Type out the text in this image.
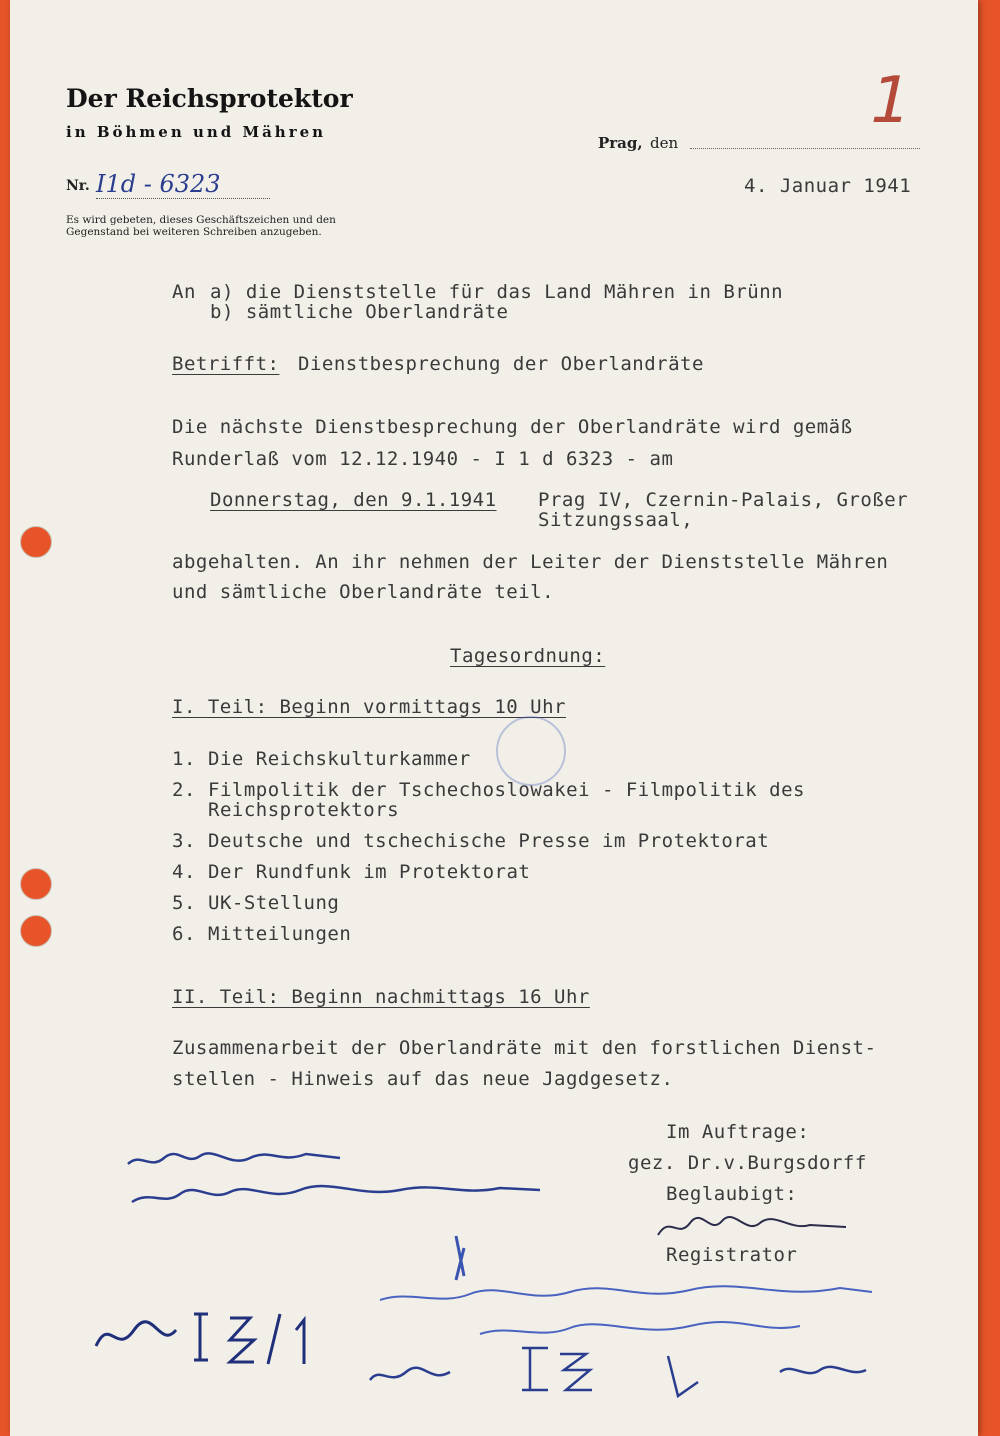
Der Reichsprotektor
in Böhmen und Mähren
Nr. I1d - 6323
Es wird gebeten, dieses Geschäftszeichen und den
Gegenstand bei weiteren Schreiben anzugeben.
Prag, den
4. Januar 1941
1
An a) die Dienststelle für das Land Mähren in Brünn
b) sämtliche Oberlandräte
Betrifft: Dienstbesprechung der Oberlandräte
Die nächste Dienstbesprechung der Oberlandräte wird gemäß
Runderlaß vom 12.12.1940 - I 1 d 6323 - am
Donnerstag, den 9.1.1941 Prag IV, Czernin-Palais, Großer
Sitzungssaal,
abgehalten. An ihr nehmen der Leiter der Dienststelle Mähren
und sämtliche Oberlandräte teil.
Tagesordnung:
I. Teil: Beginn vormittags 10 Uhr
1. Die Reichskulturkammer
2. Filmpolitik der Tschechoslowakei - Filmpolitik des
Reichsprotektors
3. Deutsche und tschechische Presse im Protektorat
4. Der Rundfunk im Protektorat
5. UK-Stellung
6. Mitteilungen
II. Teil: Beginn nachmittags 16 Uhr
Zusammenarbeit der Oberlandräte mit den forstlichen Dienst-
stellen - Hinweis auf das neue Jagdgesetz.
Im Auftrage:
gez. Dr.v.Burgsdorff
Beglaubigt:
Registrator
